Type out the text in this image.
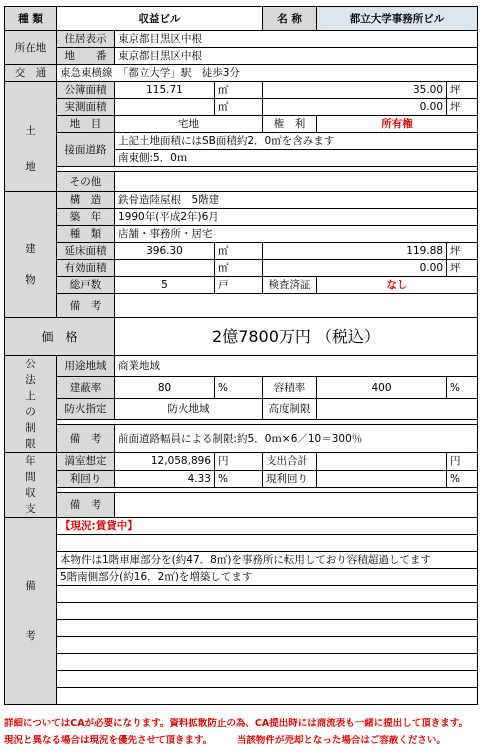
種 類	収益ビル			名 称	都立大学事務所ビル	
所在地	住居表示	東京都目黒区中根				
	地　　番	東京都目黒区中根				
交　通	東急東横線　「都立大学」駅　徒歩3分					

土
地	公簿面積	115.71	㎡	35.00		坪
	実測面積		㎡	0.00		坪
	地　目	宅地		権　利	所有権	
	接面道路	上記土地面積にはSB面積約2．0㎡を含みます				
		南東側:5．0ｍ				

	その他					

建
物	構　造	鉄骨造陸屋根　5階建				
	築　年	1990年(平成2年)6月				
	種　類	店舗・事務所・居宅				
	延床面積	396.30	㎡	119.88		坪
	有効面積		㎡	0.00		坪
	総戸数	5	戸	検査済証	なし	
	備　考					
価　格		2億7800万円 （税込）				

公法上の制限	用途地域	商業地域				
	建蔽率	80	%	容積率	400	%
	防火指定	防火地域		高度制限		

	備　考	前面道路幅員による制限:約5．0ｍ×6／10＝300％				

年間収支	満室想定	12,058,896	円	支出合計		円
	利回り	4.33	%	現利回り		%

	備　考					

備考	【現況:賃貸中】					

	本物件は1階車庫部分を(約47．8㎡)を事務所に転用しており容積超過してます					
	5階南側部分(約16．2㎡)を増築してます					

詳細についてはCAが必要になります。資料拡散防止の為、CA提出時には商流表も一緒に提出して頂きます。
現況と異なる場合は現況を優先させて頂きます。	当該物件が売却となった場合はご容赦ください。
